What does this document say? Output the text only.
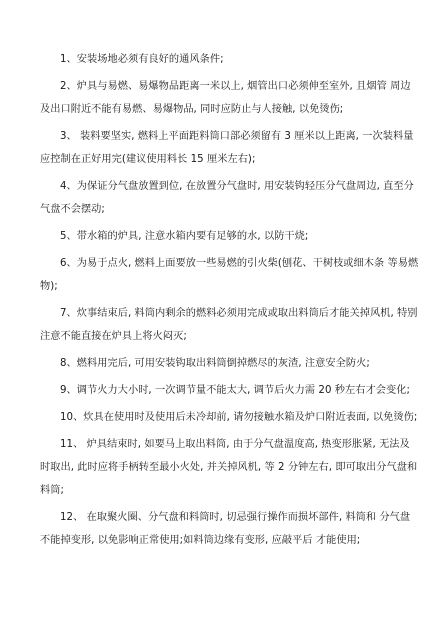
1、安装场地必须有良好的通风条件;

2、炉具与易燃、易爆物品距离一米以上, 烟管出口必须伸至室外, 且烟管 周边及出口附近不能有易燃、易爆物品, 同时应防止与人接触, 以免烫伤;

3、 装料要坚实, 燃料上平面距料筒口部必须留有 3 厘米以上距离, 一次装料量应控制在正好用完(建议使用料长 15 厘米左右);

4、为保证分气盘放置到位, 在放置分气盘时, 用安装钩轻压分气盘周边, 直至分气盘不会摆动;

5、带水箱的炉具, 注意水箱内要有足够的水, 以防干烧;

6、为易于点火, 燃料上面要放一些易燃的引火柴(刨花、干树枝或细木条 等易燃物);

7、炊事结束后, 料筒内剩余的燃料必须用完成或取出料筒后才能关掉风机, 特别注意不能直接在炉具上将火闷灭;

8、燃料用完后, 可用安装钩取出料筒倒掉燃尽的灰渣, 注意安全防火;

9、调节火力大小时, 一次调节量不能太大, 调节后火力需 20 秒左右才会变化;

10、炊具在使用时及使用后未冷却前, 请勿接触水箱及炉口附近表面, 以免烫伤;

11、 炉具结束时, 如要马上取出料筒, 由于分气盘温度高, 热变形胀紧, 无法及时取出, 此时应将手柄转至最小火处, 并关掉风机, 等 2 分钟左右, 即可取出分气盘和料筒;

12、 在取聚火圈、分气盘和料筒时, 切忌强行操作而损坏部件, 料筒和 分气盘不能掉变形, 以免影响正常使用;如料筒边缘有变形, 应敲平后 才能使用;
